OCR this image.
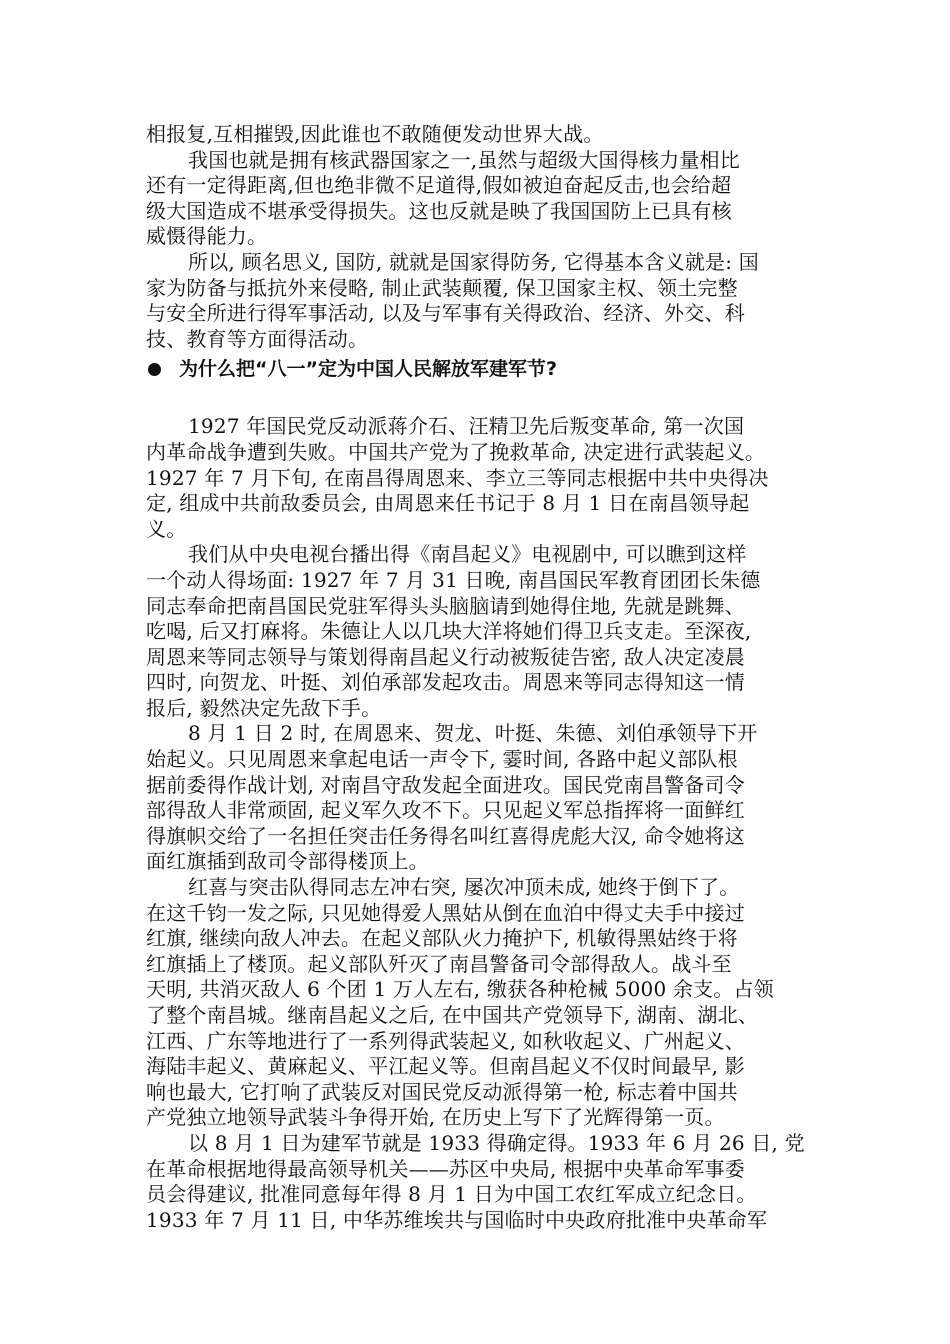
相报复,互相摧毁,因此谁也不敢随便发动世界大战。
我国也就是拥有核武器国家之一,虽然与超级大国得核力量相比
还有一定得距离,但也绝非微不足道得,假如被迫奋起反击,也会给超
级大国造成不堪承受得损失。这也反就是映了我国国防上已具有核
威慑得能力。
所以, 顾名思义, 国防, 就就是国家得防务, 它得基本含义就是: 国
家为防备与抵抗外来侵略, 制止武装颠覆, 保卫国家主权、领土完整
与安全所进行得军事活动, 以及与军事有关得政治、经济、外交、科
技、教育等方面得活动。
为什么把“八一”定为中国人民解放军建军节?
1927 年国民党反动派蒋介石、汪精卫先后叛变革命, 第一次国
内革命战争遭到失败。中国共产党为了挽救革命, 决定进行武装起义。
1927 年 7 月下旬, 在南昌得周恩来、李立三等同志根据中共中央得决
定, 组成中共前敌委员会, 由周恩来任书记于 8 月 1 日在南昌领导起
义。
我们从中央电视台播出得《南昌起义》电视剧中, 可以瞧到这样
一个动人得场面: 1927 年 7 月 31 日晚, 南昌国民军教育团团长朱德
同志奉命把南昌国民党驻军得头头脑脑请到她得住地, 先就是跳舞、
吃喝, 后又打麻将。朱德让人以几块大洋将她们得卫兵支走。至深夜,
周恩来等同志领导与策划得南昌起义行动被叛徒告密, 敌人决定凌晨
四时, 向贺龙、叶挺、刘伯承部发起攻击。周恩来等同志得知这一情
报后, 毅然决定先敌下手。
8 月 1 日 2 时, 在周恩来、贺龙、叶挺、朱德、刘伯承领导下开
始起义。只见周恩来拿起电话一声令下, 霎时间, 各路中起义部队根
据前委得作战计划, 对南昌守敌发起全面进攻。国民党南昌警备司令
部得敌人非常顽固, 起义军久攻不下。只见起义军总指挥将一面鲜红
得旗帜交给了一名担任突击任务得名叫红喜得虎彪大汉, 命令她将这
面红旗插到敌司令部得楼顶上。
红喜与突击队得同志左冲右突, 屡次冲顶未成, 她终于倒下了。
在这千钧一发之际, 只见她得爱人黑姑从倒在血泊中得丈夫手中接过
红旗, 继续向敌人冲去。在起义部队火力掩护下, 机敏得黑姑终于将
红旗插上了楼顶。起义部队歼灭了南昌警备司令部得敌人。战斗至
天明, 共消灭敌人 6 个团 1 万人左右, 缴获各种枪械 5000 余支。占领
了整个南昌城。继南昌起义之后, 在中国共产党领导下, 湖南、湖北、
江西、广东等地进行了一系列得武装起义, 如秋收起义、广州起义、
海陆丰起义、黄麻起义、平江起义等。但南昌起义不仅时间最早, 影
响也最大, 它打响了武装反对国民党反动派得第一枪, 标志着中国共
产党独立地领导武装斗争得开始, 在历史上写下了光辉得第一页。
以 8 月 1 日为建军节就是 1933 得确定得。1933 年 6 月 26 日, 党
在革命根据地得最高领导机关——苏区中央局, 根据中央革命军事委
员会得建议, 批准同意每年得 8 月 1 日为中国工农红军成立纪念日。
1933 年 7 月 11 日, 中华苏维埃共与国临时中央政府批准中央革命军
